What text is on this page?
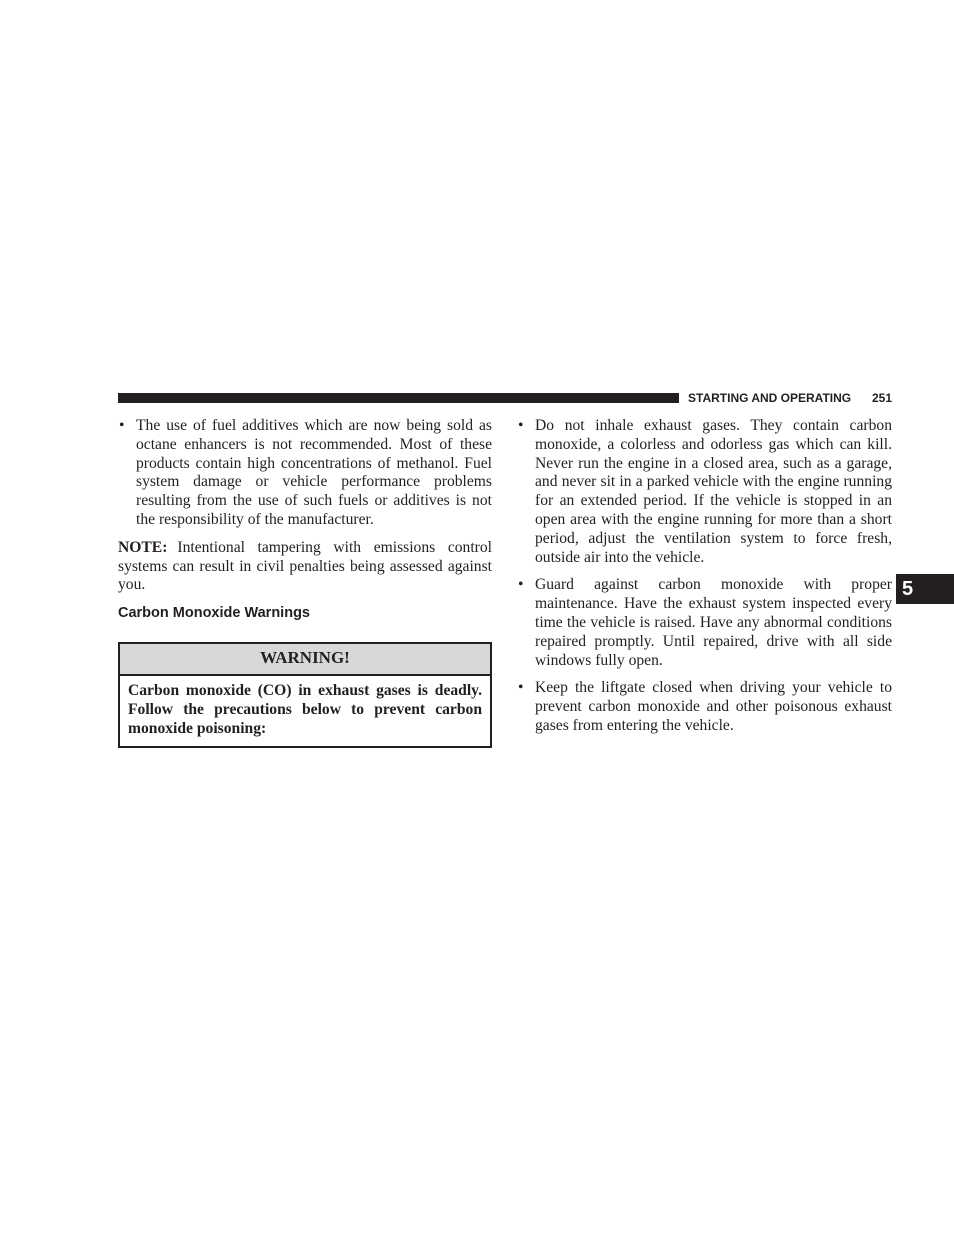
STARTING AND OPERATING 251

• The use of fuel additives which are now being sold as octane enhancers is not recommended. Most of these products contain high concentrations of methanol. Fuel system damage or vehicle performance problems resulting from the use of such fuels or additives is not the responsibility of the manufacturer.

NOTE: Intentional tampering with emissions control systems can result in civil penalties being assessed against you.

Carbon Monoxide Warnings
WARNING!
Carbon monoxide (CO) in exhaust gases is deadly. Follow the precautions below to prevent carbon monoxide poisoning:

• Do not inhale exhaust gases. They contain carbon monoxide, a colorless and odorless gas which can kill. Never run the engine in a closed area, such as a garage, and never sit in a parked vehicle with the engine running for an extended period. If the vehicle is stopped in an open area with the engine running for more than a short period, adjust the ventilation system to force fresh, outside air into the vehicle.

• Guard against carbon monoxide with proper maintenance. Have the exhaust system inspected every time the vehicle is raised. Have any abnormal conditions repaired promptly. Until repaired, drive with all side windows fully open.

• Keep the liftgate closed when driving your vehicle to prevent carbon monoxide and other poisonous exhaust gases from entering the vehicle.

5
